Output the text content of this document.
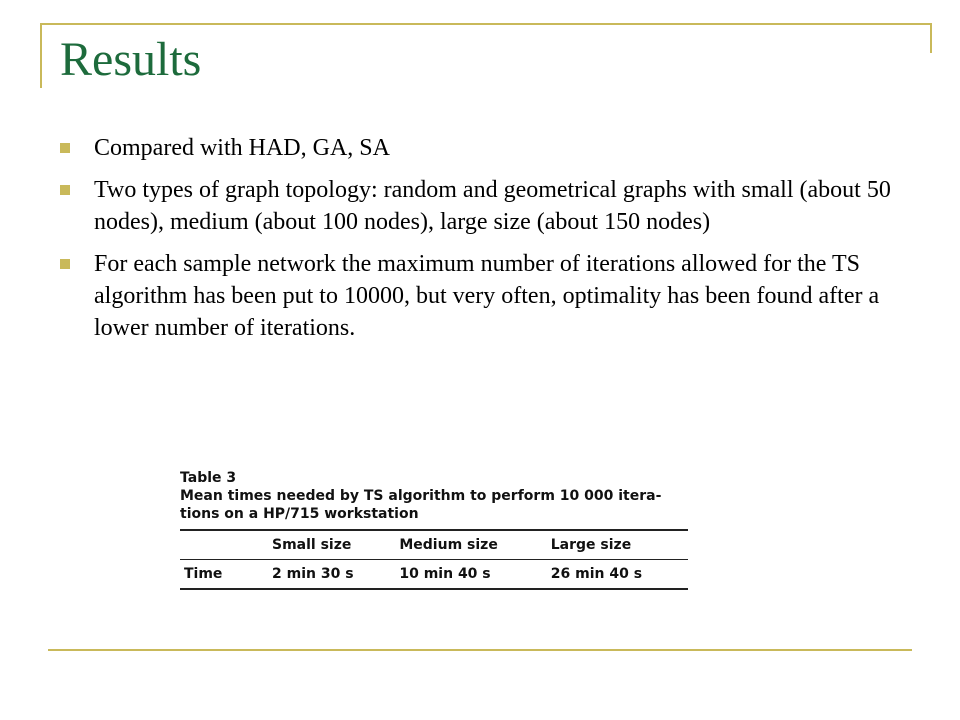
Results
Compared with HAD, GA, SA
Two types of graph topology: random and geometrical graphs with small (about 50 nodes), medium (about 100 nodes), large size (about 150 nodes)
For each sample network the maximum number of iterations allowed for the TS algorithm has been put to 10000, but very often, optimality has been found after a lower number of iterations.
Table 3
Mean times needed by TS algorithm to perform 10 000 itera-tions on a HP/715 workstation
	Small size	Medium size	Large size
Time	2 min 30 s	10 min 40 s	26 min 40 s
